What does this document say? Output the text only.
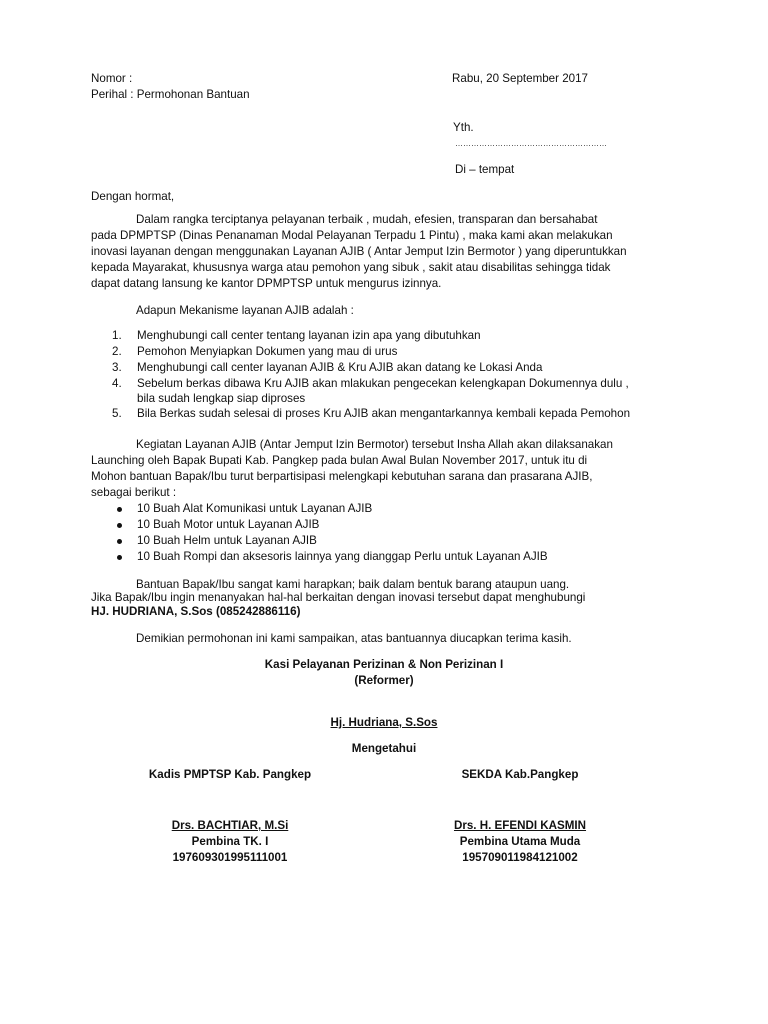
Nomor :
Perihal : Permohonan Bantuan
Rabu, 20 September 2017
Yth.
…………………………………………………
Di – tempat
Dengan hormat,
Dalam rangka terciptanya pelayanan terbaik , mudah, efesien, transparan dan bersahabat
pada DPMPTSP (Dinas Penanaman Modal Pelayanan Terpadu 1 Pintu) , maka kami akan melakukan
inovasi layanan dengan menggunakan Layanan AJIB ( Antar Jemput Izin Bermotor ) yang diperuntukkan
kepada Mayarakat, khususnya warga atau pemohon yang sibuk , sakit atau disabilitas sehingga tidak
dapat datang lansung ke kantor DPMPTSP untuk mengurus izinnya.
Adapun Mekanisme layanan AJIB adalah :
1. Menghubungi call center tentang layanan izin apa yang dibutuhkan
2. Pemohon Menyiapkan Dokumen yang mau di urus
3. Menghubungi call center layanan AJIB & Kru AJIB akan datang ke Lokasi Anda
4. Sebelum berkas dibawa Kru AJIB akan mlakukan pengecekan kelengkapan Dokumennya dulu ,
bila sudah lengkap siap diproses
5. Bila Berkas sudah selesai di proses Kru AJIB akan mengantarkannya kembali kepada Pemohon
Kegiatan Layanan AJIB (Antar Jemput Izin Bermotor) tersebut Insha Allah akan dilaksanakan
Launching oleh Bapak Bupati Kab. Pangkep pada bulan Awal Bulan November 2017, untuk itu di
Mohon bantuan Bapak/Ibu turut berpartisipasi melengkapi kebutuhan sarana dan prasarana AJIB,
sebagai berikut :
10 Buah Alat Komunikasi untuk Layanan AJIB
10 Buah Motor untuk Layanan AJIB
10 Buah Helm untuk Layanan AJIB
10 Buah Rompi dan aksesoris lainnya yang dianggap Perlu untuk Layanan AJIB
Bantuan Bapak/Ibu sangat kami harapkan; baik dalam bentuk barang ataupun uang.
Jika Bapak/Ibu ingin menanyakan hal-hal berkaitan dengan inovasi tersebut dapat menghubungi
HJ. HUDRIANA, S.Sos (085242886116)
Demikian permohonan ini kami sampaikan, atas bantuannya diucapkan terima kasih.
Kasi Pelayanan Perizinan & Non Perizinan I
(Reformer)
Hj. Hudriana, S.Sos
Mengetahui
Kadis PMPTSP Kab. Pangkep
Drs. BACHTIAR, M.Si
Pembina TK. I
197609301995111001
SEKDA Kab.Pangkep
Drs. H. EFENDI KASMIN
Pembina Utama Muda
195709011984121002
